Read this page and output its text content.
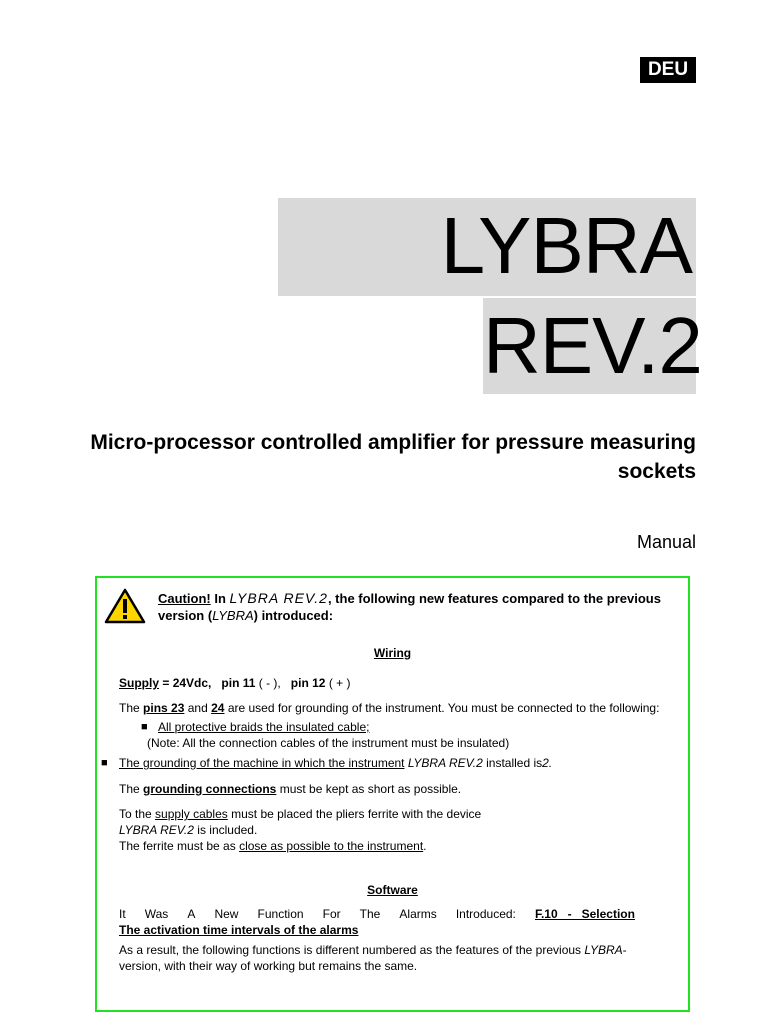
DEU
LYBRA
REV.2
Micro-processor controlled amplifier for pressure measuring sockets
Manual
Caution! In LYBRA REV.2, the following new features compared to the previous version (LYBRA) introduced:
Wiring
Supply = 24Vdc, pin 11 ( - ), pin 12 ( + )
The pins 23 and 24 are used for grounding of the instrument. You must be connected to the following:
■ All protective braids the insulated cable;
(Note: All the connection cables of the instrument must be insulated)
■ The grounding of the machine in which the instrument LYBRA REV.2 installed is2.
The grounding connections must be kept as short as possible.
To the supply cables must be placed the pliers ferrite with the device
LYBRA REV.2 is included.
The ferrite must be as close as possible to the instrument.
Software
It Was A New Function For The Alarms Introduced: F.10   -   Selection
The activation time intervals of the alarms
As a result, the following functions is different numbered as the features of the previous LYBRA-
version, with their way of working but remains the same.
